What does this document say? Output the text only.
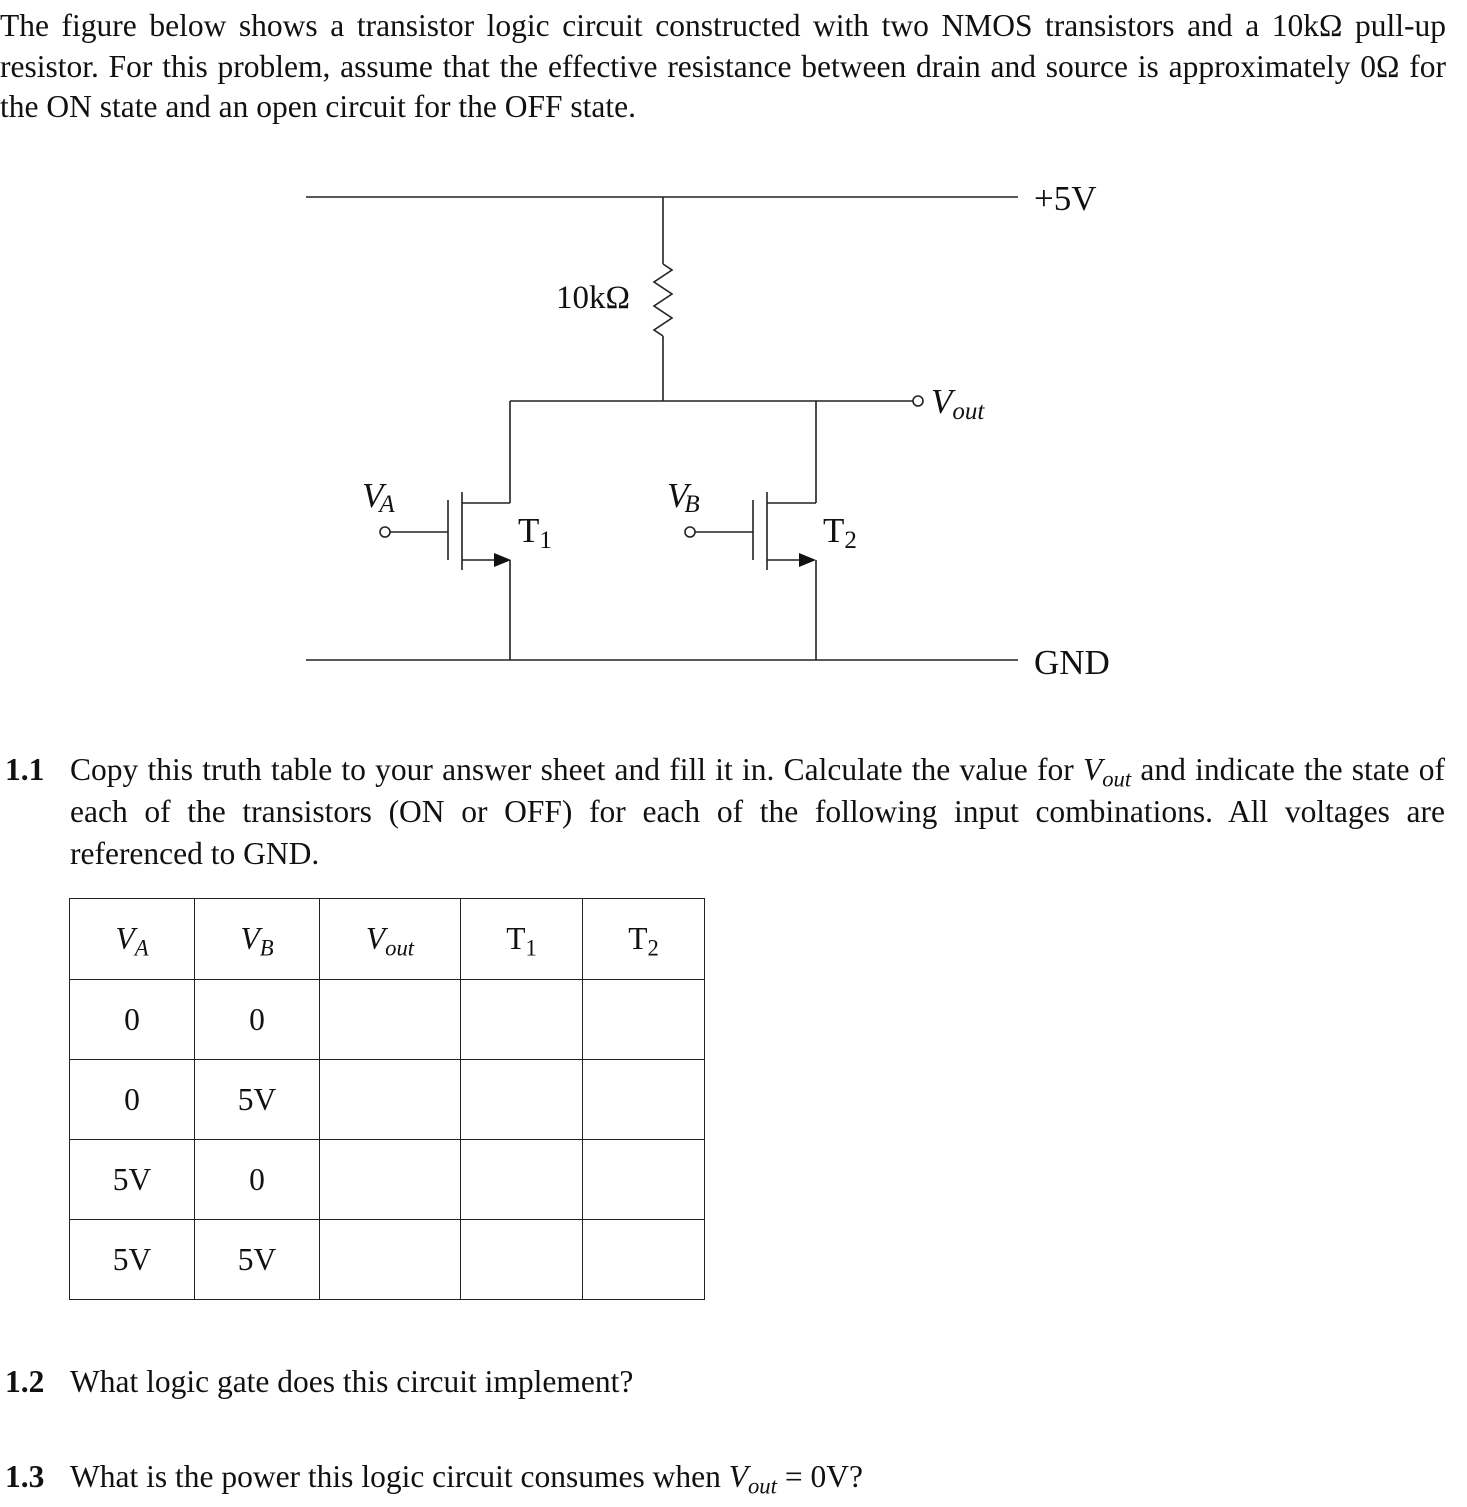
The figure below shows a transistor logic circuit constructed with two NMOS transistors and a 10kΩ pull-up resistor. For this problem, assume that the effective resistance between drain and source is approximately 0Ω for the ON state and an open circuit for the OFF state.
+5V
GND
10kΩ
Vout
VA	VB
T1	T2
1.1 Copy this truth table to your answer sheet and fill it in. Calculate the value for $V_{out}$ and indicate the state of each of the transistors (ON or OFF) for each of the following input combinations. All voltages are referenced to GND.
$V_A$	$V_B$	$V_{out}$	$T_1$	$T_2$
0	0			
0	5V			
5V	0			
5V	5V			
1.2 What logic gate does this circuit implement?
1.3 What is the power this logic circuit consumes when $V_{out} = 0V$?
